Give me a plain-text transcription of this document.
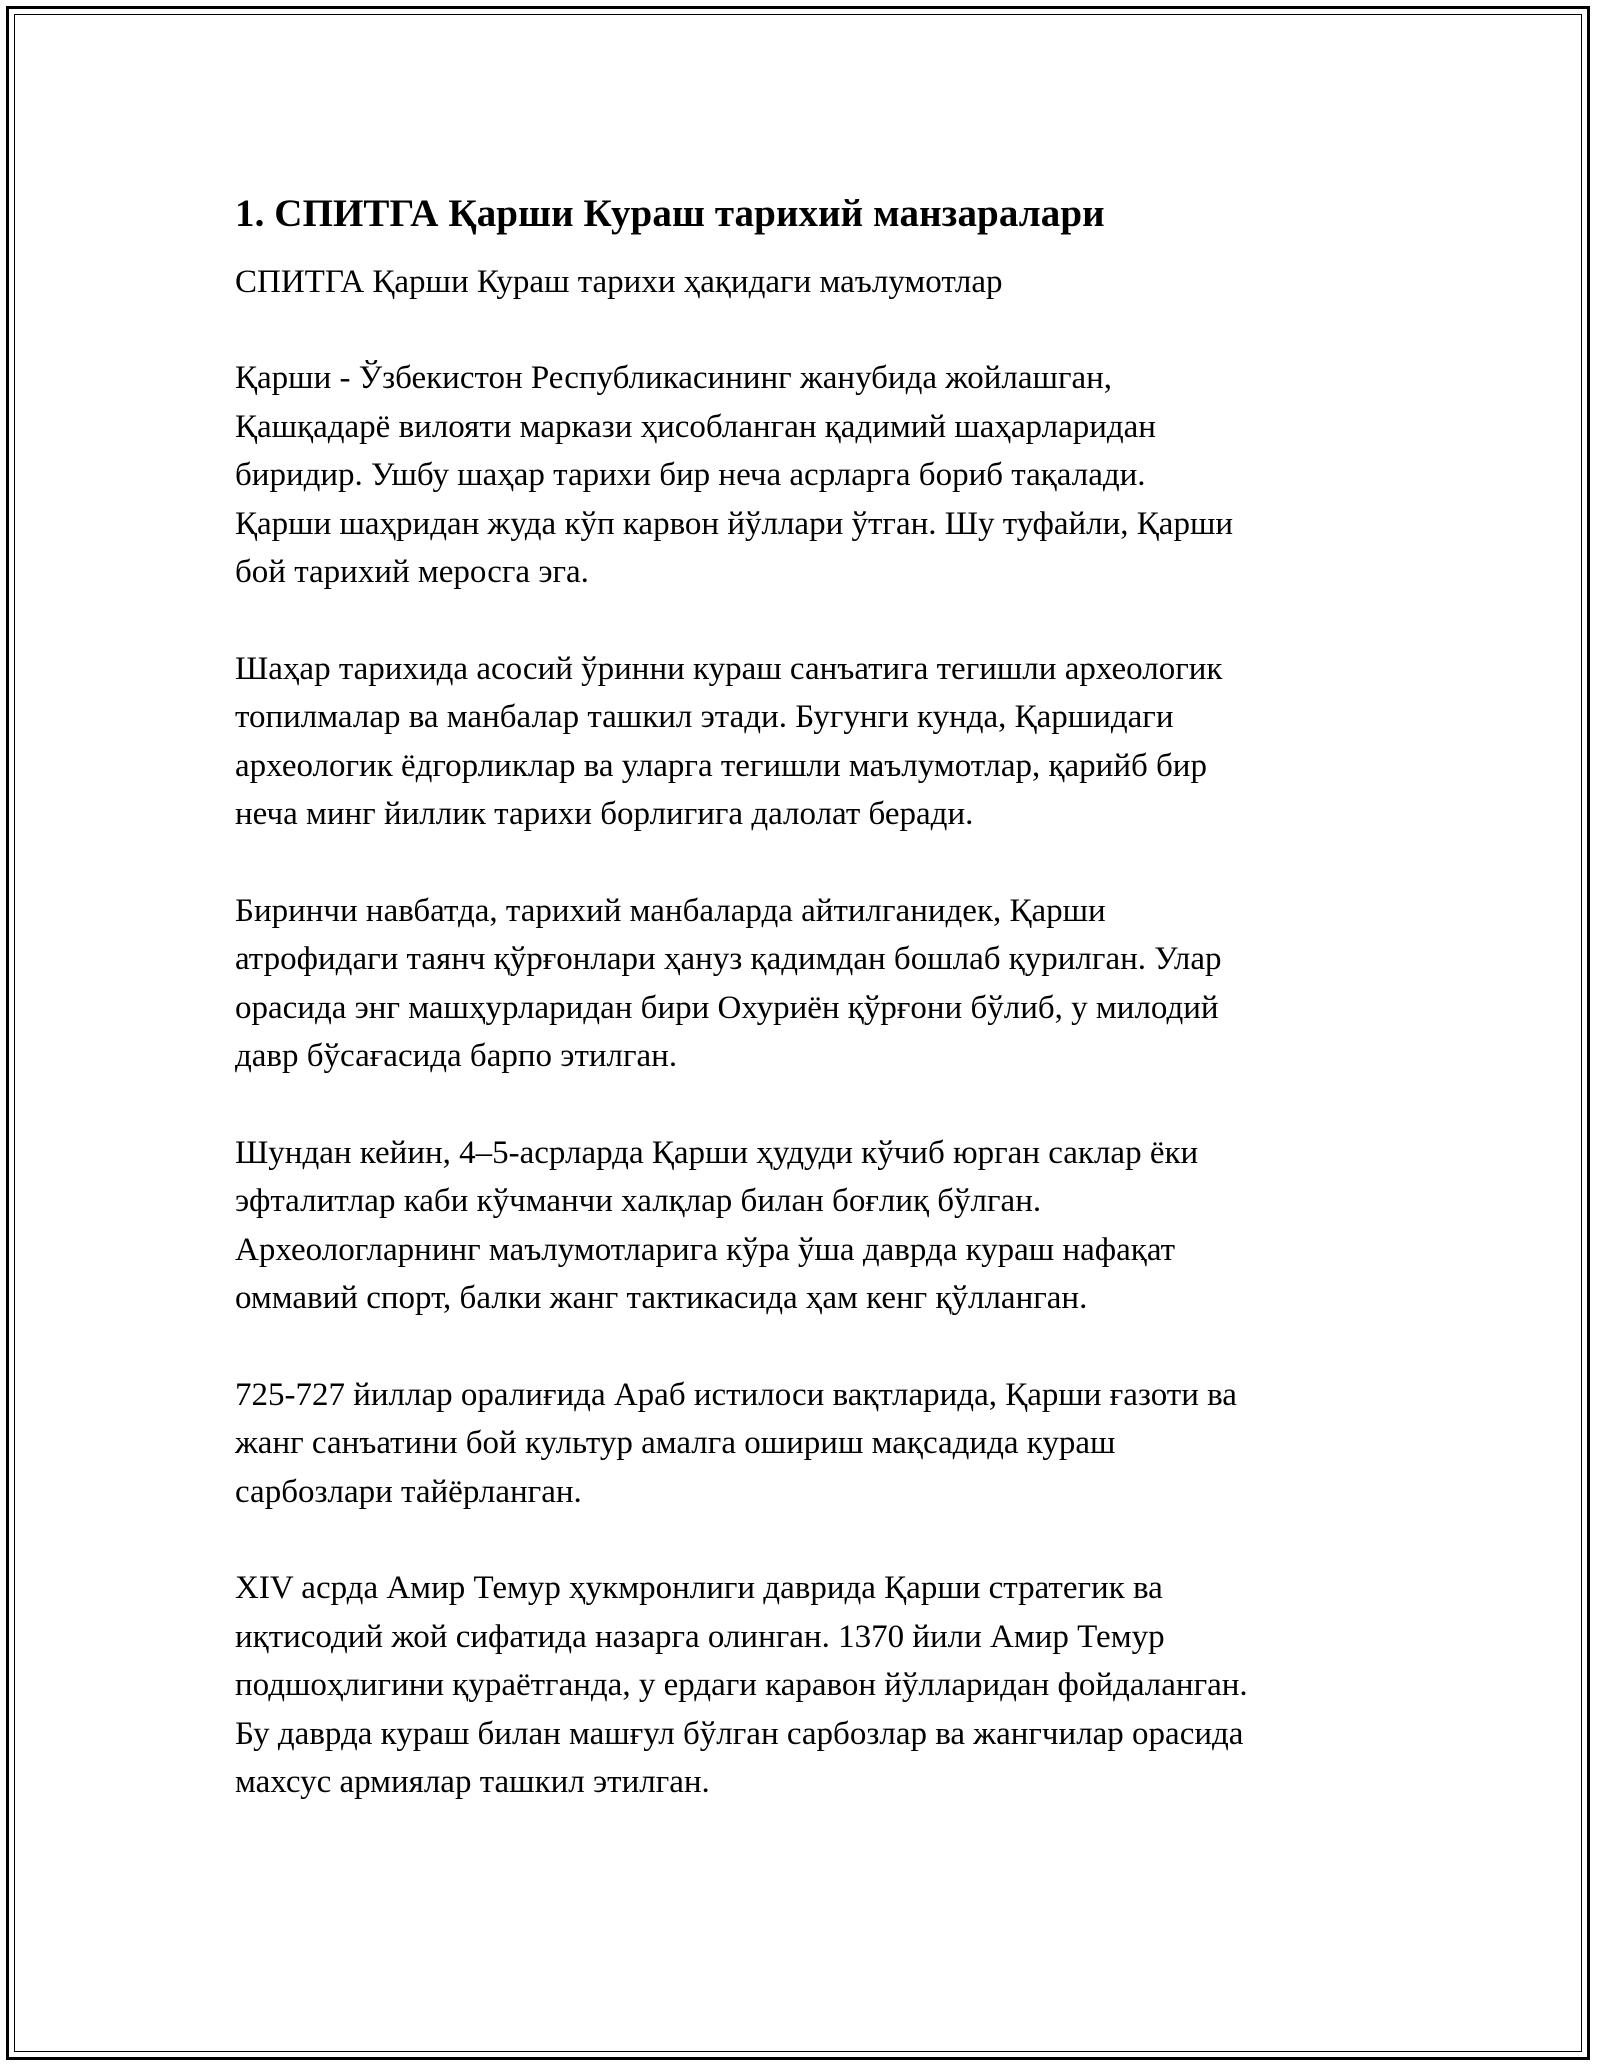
1. СПИТГА Қарши Кураш тарихий манзаралари
СПИТГА Қарши Кураш тарихи ҳақидаги маълумотлар
Қарши - Ўзбекистон Республикасининг жанубида жойлашган,
Қашқадарё вилояти маркази ҳисобланган қадимий шаҳарларидан
биридир. Ушбу шаҳар тарихи бир неча асрларга бориб тақалади.
Қарши шаҳридан жуда кўп карвон йўллари ўтган. Шу туфайли, Қарши
бой тарихий меросга эга.
Шаҳар тарихида асосий ўринни кураш санъатига тегишли археологик
топилмалар ва манбалар ташкил этади. Бугунги кунда, Қаршидаги
археологик ёдгорликлар ва уларга тегишли маълумотлар, қарийб бир
неча минг йиллик тарихи борлигига далолат беради.
Биринчи навбатда, тарихий манбаларда айтилганидек, Қарши
атрофидаги таянч қўрғонлари ҳануз қадимдан бошлаб қурилган. Улар
орасида энг машҳурларидан бири Охуриён қўрғони бўлиб, у милодий
давр бўсағасида барпо этилган.
Шундан кейин, 4–5-асрларда Қарши ҳудуди кўчиб юрган саклар ёки
эфталитлар каби кўчманчи халқлар билан боғлиқ бўлган.
Археологларнинг маълумотларига кўра ўша даврда кураш нафақат
оммавий спорт, балки жанг тактикасида ҳам кенг қўлланган.
725-727 йиллар оралиғида Араб истилоси вақтларида, Қарши ғазоти ва
жанг санъатини бой культур амалга ошириш мақсадида кураш
сарбозлари тайёрланган.
XIV асрда Амир Темур ҳукмронлиги даврида Қарши стратегик ва
иқтисодий жой сифатида назарга олинган. 1370 йили Амир Темур
подшоҳлигини қураётганда, у ердаги каравон йўлларидан фойдаланган.
Бу даврда кураш билан машғул бўлган сарбозлар ва жангчилар орасида
махсус армиялар ташкил этилган.
